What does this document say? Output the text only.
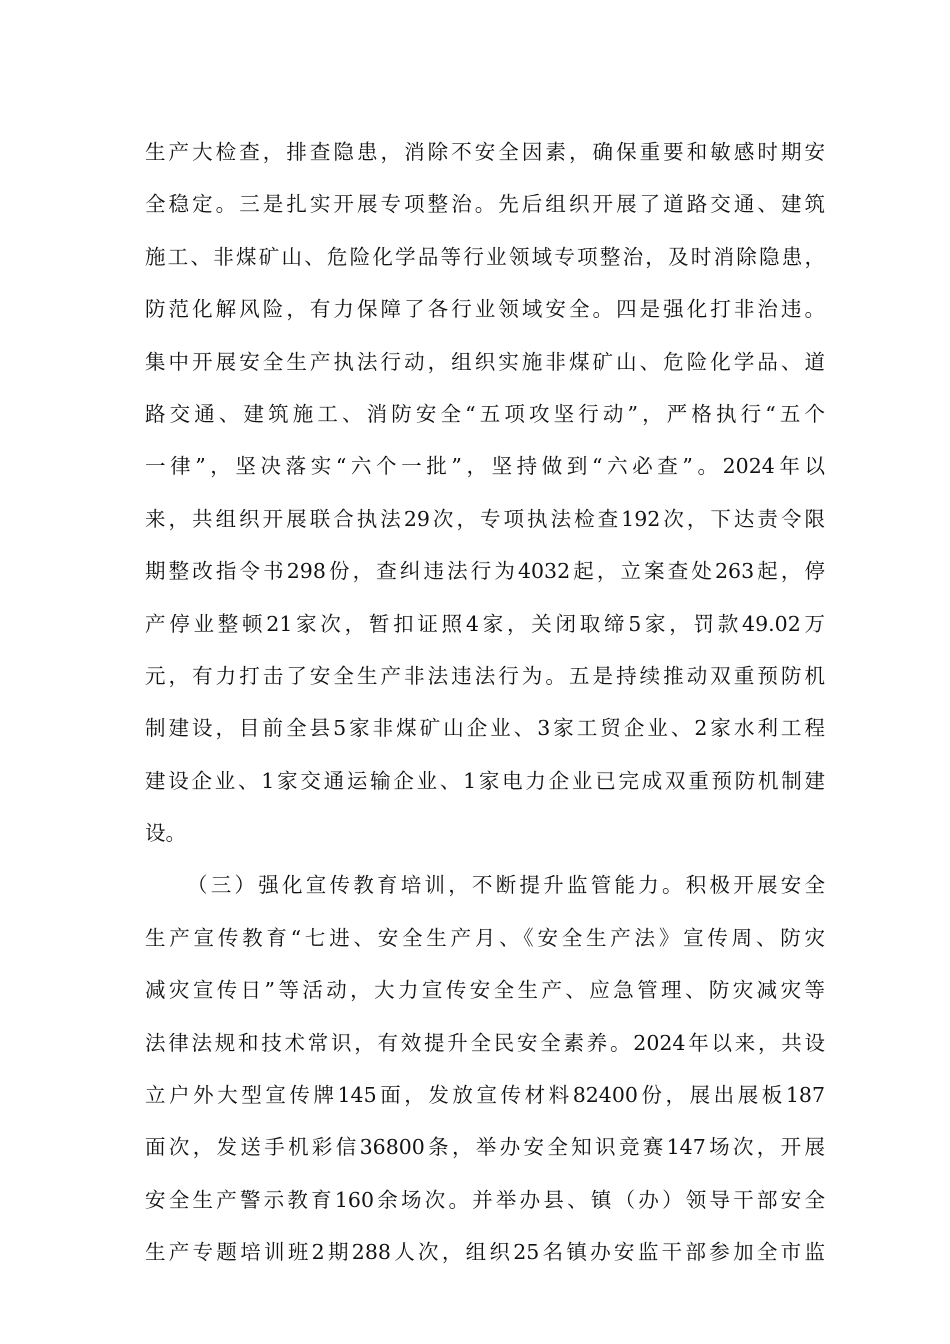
生产大检查，排查隐患，消除不安全因素，确保重要和敏感时期安
全稳定。三是扎实开展专项整治。先后组织开展了道路交通、建筑
施工、非煤矿山、危险化学品等行业领域专项整治，及时消除隐患，
防范化解风险，有力保障了各行业领域安全。四是强化打非治违。
集中开展安全生产执法行动，组织实施非煤矿山、危险化学品、道
路交通、建筑施工、消防安全“五项攻坚行动”，严格执行“五个
一律”，坚决落实“六个一批”，坚持做到“六必查”。2024年以
来，共组织开展联合执法29次，专项执法检查192次，下达责令限
期整改指令书298份，查纠违法行为4032起，立案查处263起，停
产停业整顿21家次，暂扣证照4家，关闭取缔5家，罚款49.02万
元，有力打击了安全生产非法违法行为。五是持续推动双重预防机
制建设，目前全县5家非煤矿山企业、3家工贸企业、2家水利工程
建设企业、1家交通运输企业、1家电力企业已完成双重预防机制建
设。
（三）强化宣传教育培训，不断提升监管能力。积极开展安全
生产宣传教育“七进、安全生产月、《安全生产法》宣传周、防灾
减灾宣传日”等活动，大力宣传安全生产、应急管理、防灾减灾等
法律法规和技术常识，有效提升全民安全素养。2024年以来，共设
立户外大型宣传牌145面，发放宣传材料82400份，展出展板187
面次，发送手机彩信36800条，举办安全知识竞赛147场次，开展
安全生产警示教育160余场次。并举办县、镇（办）领导干部安全
生产专题培训班2期288人次，组织25名镇办安监干部参加全市监
